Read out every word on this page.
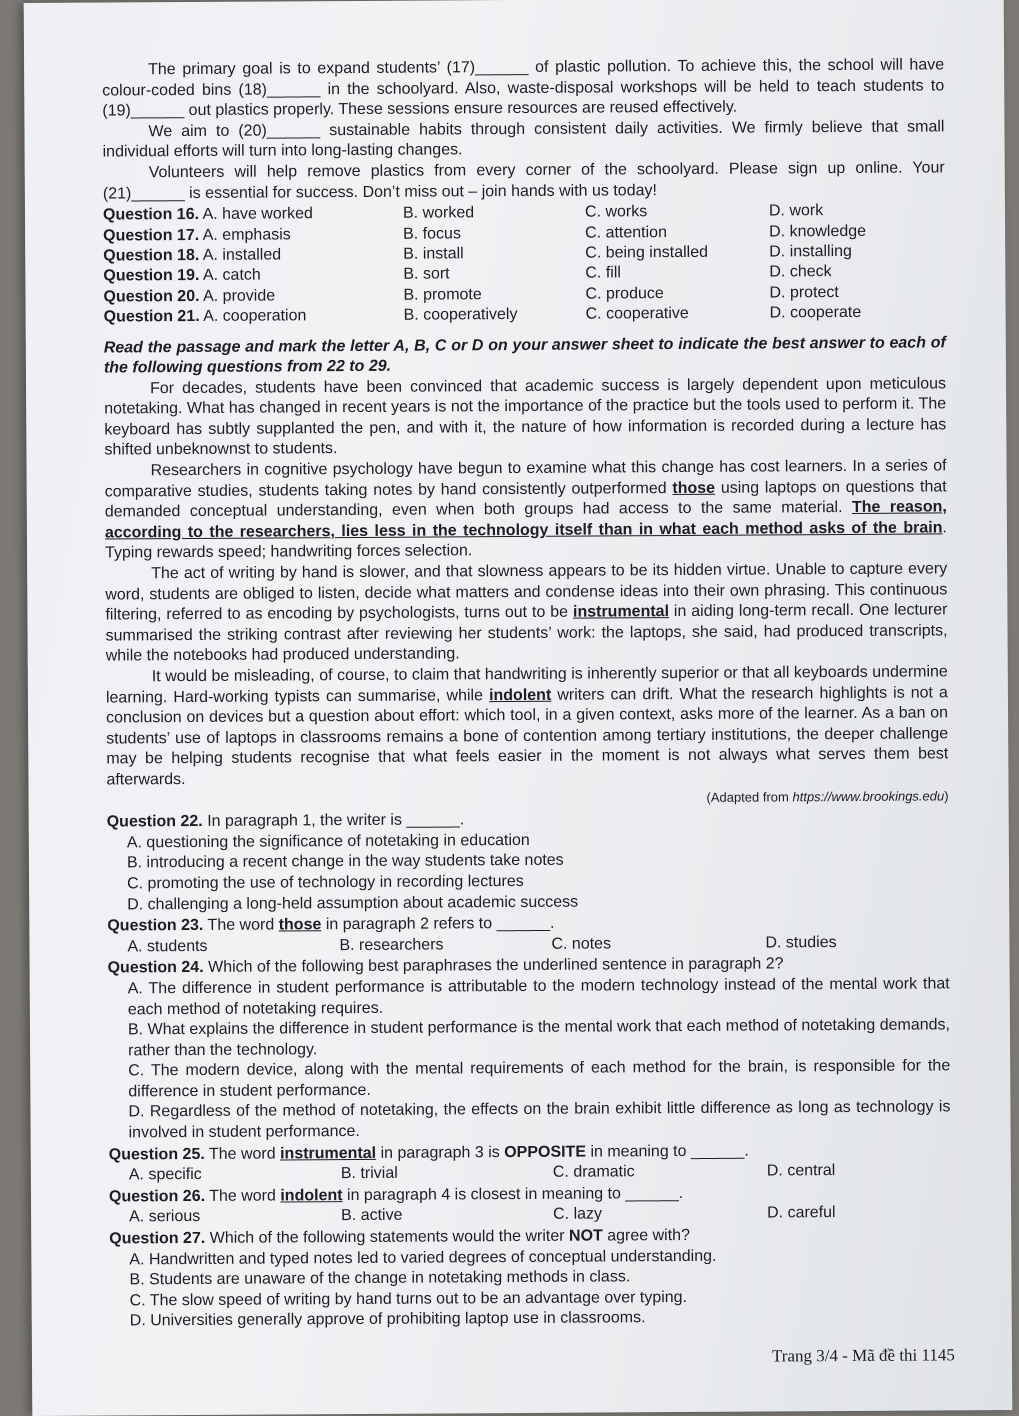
The primary goal is to expand students’ (17)______ of plastic pollution. To achieve this, the school will have colour-coded bins (18)______ in the schoolyard. Also, waste-disposal workshops will be held to teach students to (19)______ out plastics properly. These sessions ensure resources are reused effectively.

We aim to (20)______ sustainable habits through consistent daily activities. We firmly believe that small individual efforts will turn into long-lasting changes.

Volunteers will help remove plastics from every corner of the schoolyard. Please sign up online. Your (21)______ is essential for success. Don’t miss out – join hands with us today!

Question 16. A. have worked	B. worked	C. works	D. work
Question 17. A. emphasis	B. focus	C. attention	D. knowledge
Question 18. A. installed	B. install	C. being installed	D. installing
Question 19. A. catch	B. sort	C. fill	D. check
Question 20. A. provide	B. promote	C. produce	D. protect
Question 21. A. cooperation	B. cooperatively	C. cooperative	D. cooperate

Read the passage and mark the letter A, B, C or D on your answer sheet to indicate the best answer to each of the following questions from 22 to 29.

For decades, students have been convinced that academic success is largely dependent upon meticulous notetaking. What has changed in recent years is not the importance of the practice but the tools used to perform it. The keyboard has subtly supplanted the pen, and with it, the nature of how information is recorded during a lecture has shifted unbeknownst to students.

Researchers in cognitive psychology have begun to examine what this change has cost learners. In a series of comparative studies, students taking notes by hand consistently outperformed those using laptops on questions that demanded conceptual understanding, even when both groups had access to the same material. The reason, according to the researchers, lies less in the technology itself than in what each method asks of the brain. Typing rewards speed; handwriting forces selection.

The act of writing by hand is slower, and that slowness appears to be its hidden virtue. Unable to capture every word, students are obliged to listen, decide what matters and condense ideas into their own phrasing. This continuous filtering, referred to as encoding by psychologists, turns out to be instrumental in aiding long-term recall. One lecturer summarised the striking contrast after reviewing her students’ work: the laptops, she said, had produced transcripts, while the notebooks had produced understanding.

It would be misleading, of course, to claim that handwriting is inherently superior or that all keyboards undermine learning. Hard-working typists can summarise, while indolent writers can drift. What the research highlights is not a conclusion on devices but a question about effort: which tool, in a given context, asks more of the learner. As a ban on students’ use of laptops in classrooms remains a bone of contention among tertiary institutions, the deeper challenge may be helping students recognise that what feels easier in the moment is not always what serves them best afterwards.

(Adapted from https://www.brookings.edu)
Question 22. In paragraph 1, the writer is ______.
A. questioning the significance of notetaking in education
B. introducing a recent change in the way students take notes
C. promoting the use of technology in recording lectures
D. challenging a long-held assumption about academic success
Question 23. The word those in paragraph 2 refers to ______.
A. students	B. researchers	C. notes	D. studies
Question 24. Which of the following best paraphrases the underlined sentence in paragraph 2?

A. The difference in student performance is attributable to the modern technology instead of the mental work that each method of notetaking requires.

B. What explains the difference in student performance is the mental work that each method of notetaking demands, rather than the technology.

C. The modern device, along with the mental requirements of each method for the brain, is responsible for the difference in student performance.

D. Regardless of the method of notetaking, the effects on the brain exhibit little difference as long as technology is involved in student performance.

Question 25. The word instrumental in paragraph 3 is OPPOSITE in meaning to ______.
A. specific	B. trivial	C. dramatic	D. central
Question 26. The word indolent in paragraph 4 is closest in meaning to ______.
A. serious	B. active	C. lazy	D. careful
Question 27. Which of the following statements would the writer NOT agree with?
A. Handwritten and typed notes led to varied degrees of conceptual understanding.
B. Students are unaware of the change in notetaking methods in class.
C. The slow speed of writing by hand turns out to be an advantage over typing.
D. Universities generally approve of prohibiting laptop use in classrooms.
Trang 3/4 - Mã đề thi 1145
